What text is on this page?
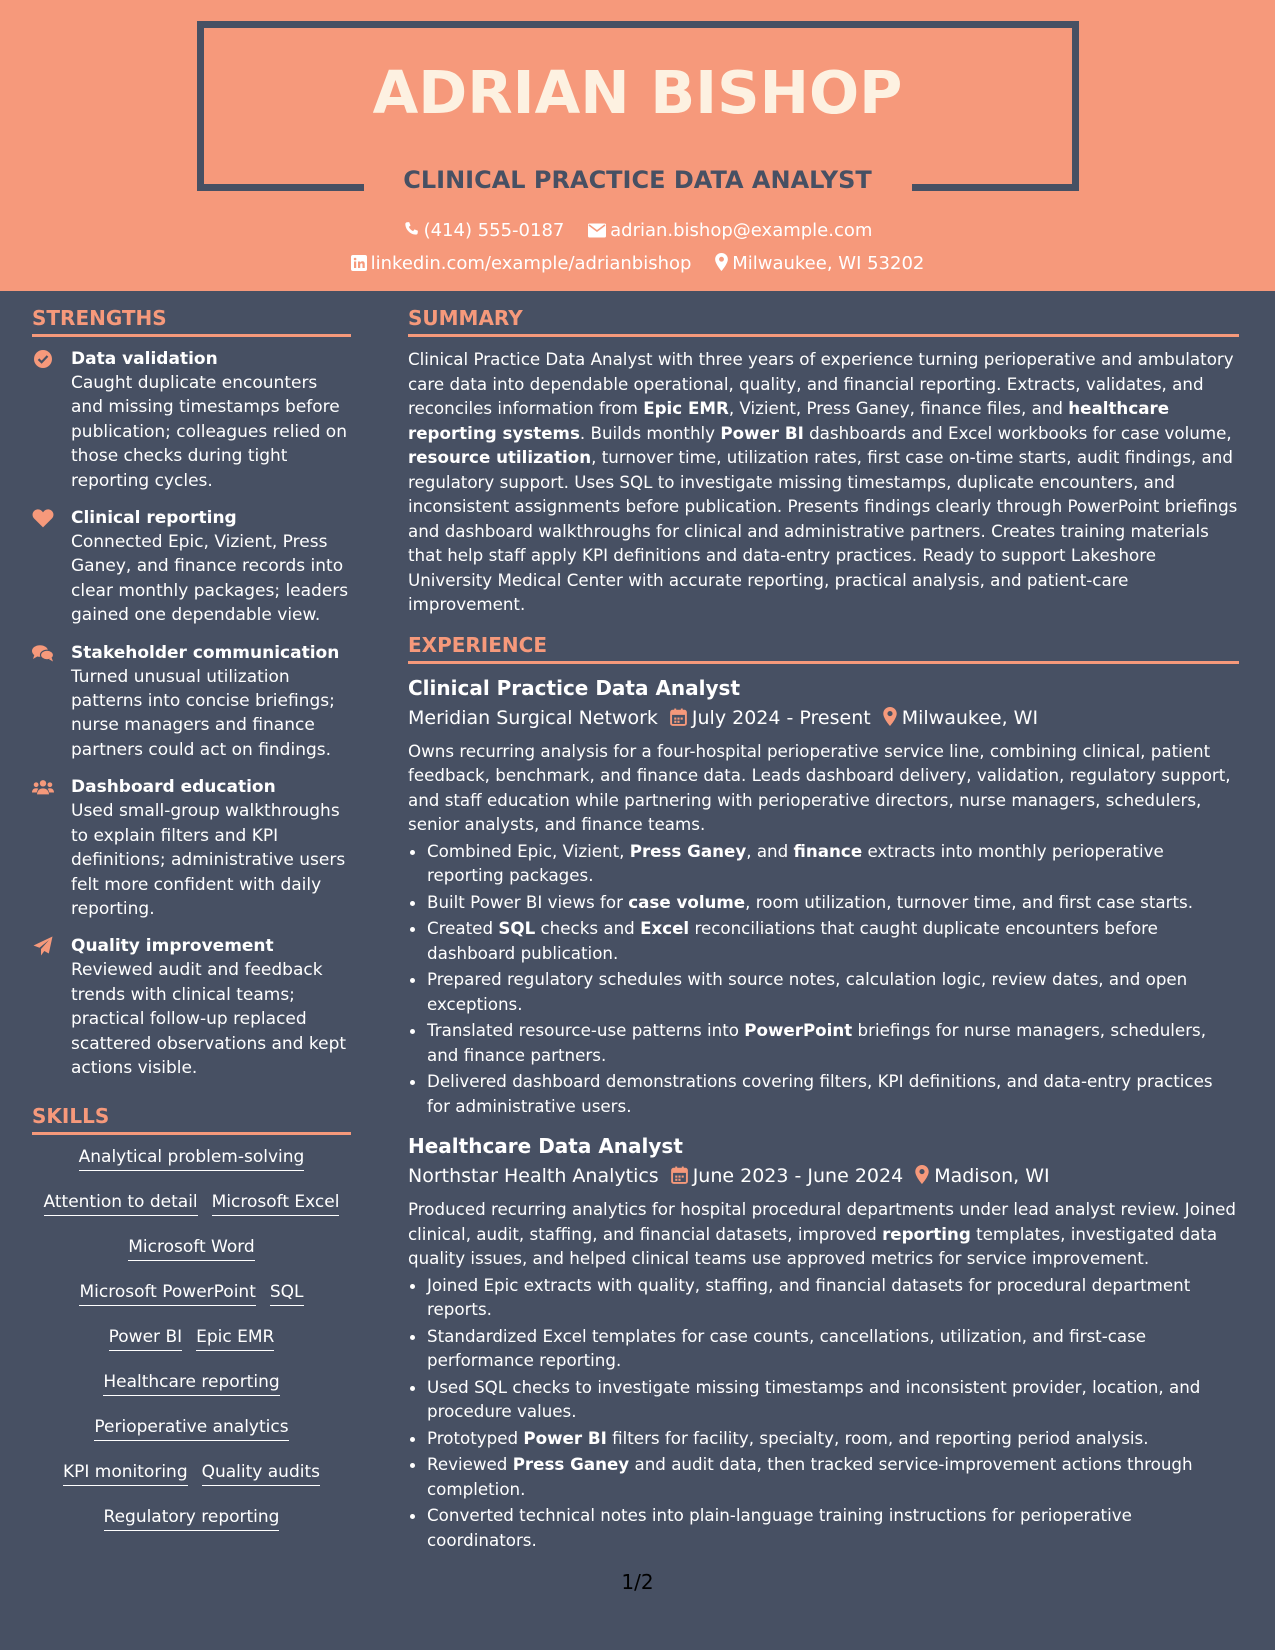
ADRIAN BISHOP
CLINICAL PRACTICE DATA ANALYST
(414) 555-0187	adrian.bishop@example.com
linkedin.com/example/adrianbishop Milwaukee, WI 53202
STRENGTHS
Data validation
Caught duplicate encounters and missing timestamps before publication; colleagues relied on those checks during tight reporting cycles.
Clinical reporting
Connected Epic, Vizient, Press Ganey, and finance records into clear monthly packages; leaders gained one dependable view.
Stakeholder communication
Turned unusual utilization patterns into concise briefings; nurse managers and finance partners could act on findings.
Dashboard education
Used small-group walkthroughs to explain filters and KPI definitions; administrative users felt more confident with daily reporting.
Quality improvement
Reviewed audit and feedback trends with clinical teams; practical follow-up replaced scattered observations and kept actions visible.
SKILLS
Analytical problem-solving
Attention to detail Microsoft Excel
Microsoft Word
Microsoft PowerPoint SQL
Power BI Epic EMR
Healthcare reporting
Perioperative analytics
KPI monitoring Quality audits
Regulatory reporting
SUMMARY
Clinical Practice Data Analyst with three years of experience turning perioperative and ambulatory care data into dependable operational, quality, and financial reporting. Extracts, validates, and reconciles information from Epic EMR, Vizient, Press Ganey, finance files, and healthcare reporting systems. Builds monthly Power BI dashboards and Excel workbooks for case volume, resource utilization, turnover time, utilization rates, first case on-time starts, audit findings, and regulatory support. Uses SQL to investigate missing timestamps, duplicate encounters, and inconsistent assignments before publication. Presents findings clearly through PowerPoint briefings and dashboard walkthroughs for clinical and administrative partners. Creates training materials that help staff apply KPI definitions and data-entry practices. Ready to support Lakeshore University Medical Center with accurate reporting, practical analysis, and patient-care improvement.
EXPERIENCE
Clinical Practice Data Analyst
Meridian Surgical Network July 2024 - Present Milwaukee, WI
Owns recurring analysis for a four-hospital perioperative service line, combining clinical, patient feedback, benchmark, and finance data. Leads dashboard delivery, validation, regulatory support, and staff education while partnering with perioperative directors, nurse managers, schedulers, senior analysts, and finance teams.
• Combined Epic, Vizient, Press Ganey, and finance extracts into monthly perioperative reporting packages.
• Built Power BI views for case volume, room utilization, turnover time, and first case starts.
• Created SQL checks and Excel reconciliations that caught duplicate encounters before dashboard publication.
• Prepared regulatory schedules with source notes, calculation logic, review dates, and open exceptions.
• Translated resource-use patterns into PowerPoint briefings for nurse managers, schedulers, and finance partners.
• Delivered dashboard demonstrations covering filters, KPI definitions, and data-entry practices for administrative users.
Healthcare Data Analyst
Northstar Health Analytics June 2023 - June 2024 Madison, WI
Produced recurring analytics for hospital procedural departments under lead analyst review. Joined clinical, audit, staffing, and financial datasets, improved reporting templates, investigated data quality issues, and helped clinical teams use approved metrics for service improvement.
• Joined Epic extracts with quality, staffing, and financial datasets for procedural department reports.
• Standardized Excel templates for case counts, cancellations, utilization, and first-case performance reporting.
• Used SQL checks to investigate missing timestamps and inconsistent provider, location, and procedure values.
• Prototyped Power BI filters for facility, specialty, room, and reporting period analysis.
• Reviewed Press Ganey and audit data, then tracked service-improvement actions through completion.
• Converted technical notes into plain-language training instructions for perioperative coordinators.
1/2
